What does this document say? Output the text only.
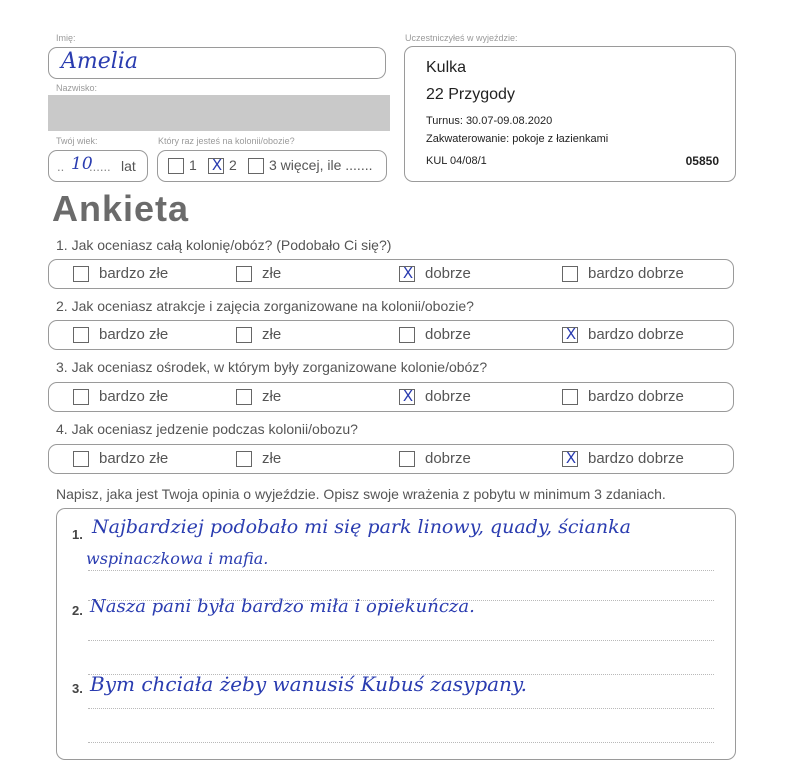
Imię:
Amelia
Nazwisko:
Twój wiek:	Który raz jesteś na kolonii/obozie?
.. 10
...... lat	1 X 2 3 więcej, ile .......
Uczestniczyłeś w wyjeździe:
Kulka
22 Przygody
Turnus: 30.07-09.08.2020
Zakwaterowanie: pokoje z łazienkami
KUL 04/08/1	05850
Ankieta
1. Jak oceniasz całą kolonię/obóz? (Podobało Ci się?)
bardzo złe	złe	X dobrze	bardzo dobrze
2. Jak oceniasz atrakcje i zajęcia zorganizowane na kolonii/obozie?
bardzo złe	złe	dobrze	X bardzo dobrze
3. Jak oceniasz ośrodek, w którym były zorganizowane kolonie/obóz?
bardzo złe	złe	X dobrze	bardzo dobrze
4. Jak oceniasz jedzenie podczas kolonii/obozu?
bardzo złe	złe	dobrze	X bardzo dobrze
Napisz, jaka jest Twoja opinia o wyjeździe. Opisz swoje wrażenia z pobytu w minimum 3 zdaniach.
1. Najbardziej podobało mi się park linowy, quady, ścianka
wspinaczkowa i mafia.
2. Nasza pani była bardzo miła i opiekuńcza.
3. Bym chciała żeby wanusiś Kubuś zasypany.
